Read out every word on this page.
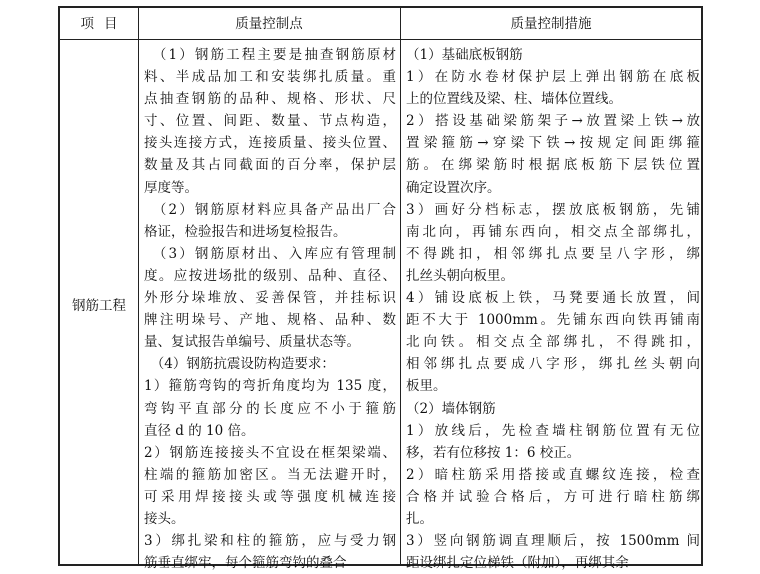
项目	质量控制点	质量控制措施
钢筋工程
　（1）钢筋工程主要是抽查钢筋原材
料、半成品加工和安装绑扎质量。重
点抽查钢筋的品种、规格、形状、尺
寸、位置、间距、数量、节点构造，
接头连接方式，连接质量、接头位置、
数量及其占同截面的百分率，保护层
厚度等。
　（2）钢筋原材料应具备产品出厂合
格证，检验报告和进场复检报告。
　（3）钢筋原材出、入库应有管理制
度。应按进场批的级别、品种、直径、
外形分垛堆放、妥善保管，并挂标识
牌注明垛号、产地、规格、品种、数
量、复试报告单编号、质量状态等。
　（4）钢筋抗震设防构造要求：
1）箍筋弯钩的弯折角度均为 135 度，
弯钩平直部分的长度应不小于箍筋
直径 d 的 10 倍。
2）钢筋连接接头不宜设在框架梁端、
柱端的箍筋加密区。当无法避开时，
可采用焊接接头或等强度机械连接
接头。
3）绑扎梁和柱的箍筋，应与受力钢
筋垂直绑牢，每个箍筋弯钩的叠合
（1）基础底板钢筋
1）在防水卷材保护层上弹出钢筋在底板
上的位置线及梁、柱、墙体位置线。
2）搭设基础梁筋架子→放置梁上铁→放
置梁箍筋→穿梁下铁→按规定间距绑箍
筋。在绑梁筋时根据底板筋下层铁位置
确定设置次序。
3）画好分档标志，摆放底板钢筋，先铺
南北向，再铺东西向，相交点全部绑扎，
不得跳扣，相邻绑扎点要呈八字形，绑
扎丝头朝向板里。
4）铺设底板上铁，马凳要通长放置，间
距不大于 1000mm。先铺东西向铁再铺南
北向铁。相交点全部绑扎，不得跳扣，
相邻绑扎点要成八字形，绑扎丝头朝向
板里。
（2）墙体钢筋
1）放线后，先检查墙柱钢筋位置有无位
移，若有位移按 1：6 校正。
2）暗柱筋采用搭接或直螺纹连接，检查
合格并试验合格后，方可进行暗柱筋绑
扎。
3）竖向钢筋调直理顺后，按 1500mm 间
距设绑扎定位梯铁（附加），再绑其余
